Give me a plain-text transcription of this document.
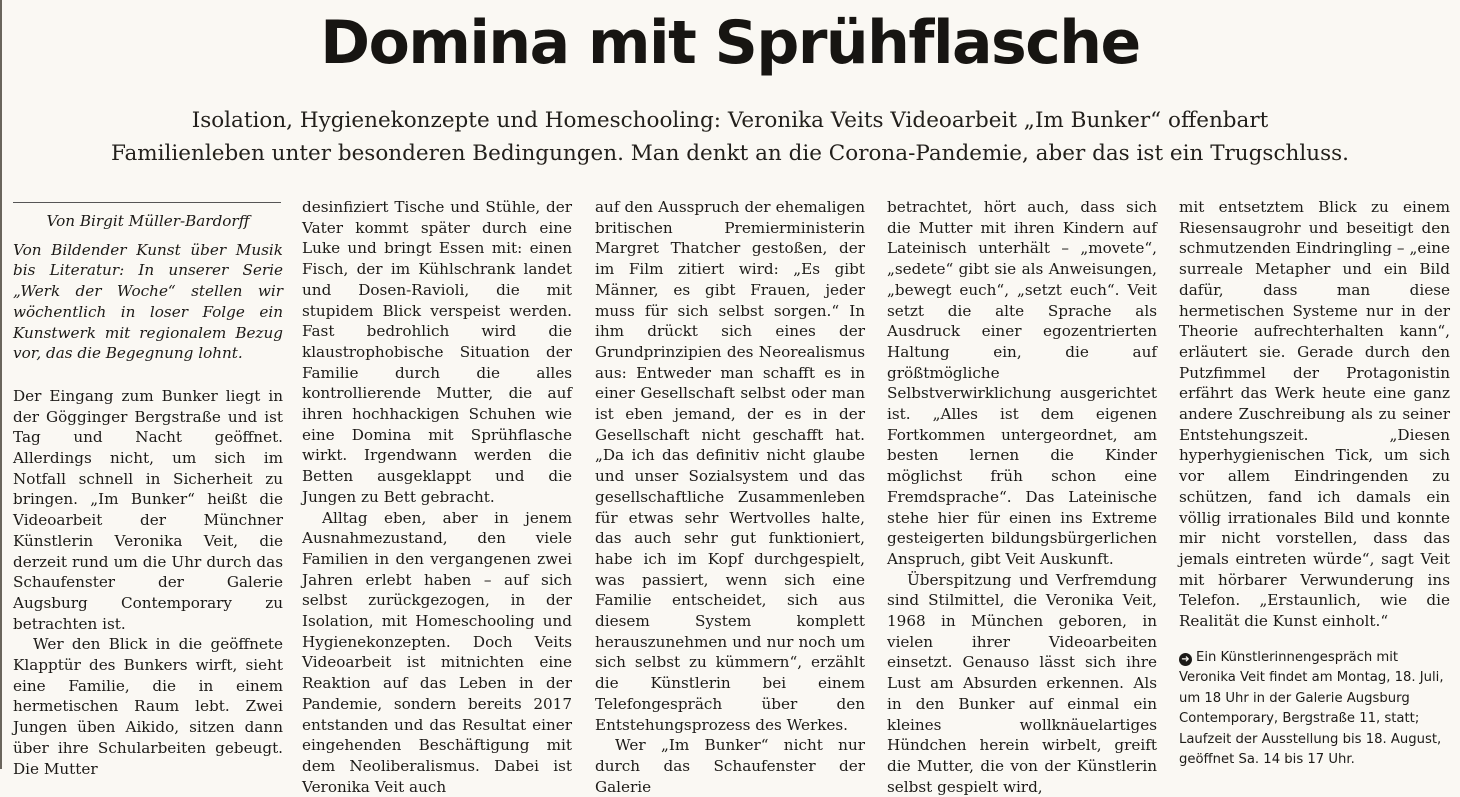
Domina mit Sprühflasche
Isolation, Hygienekonzepte und Homeschooling: Veronika Veits Videoarbeit „Im Bunker“ offenbart
Familienleben unter besonderen Bedingungen. Man denkt an die Corona-Pandemie, aber das ist ein Trugschluss.

Von Birgit Müller-Bardorff

Von Bildender Kunst über Musik bis Literatur: In unserer Serie „Werk der Woche“ stellen wir wöchentlich in loser Folge ein Kunstwerk mit regionalem Bezug vor, das die Begegnung lohnt.

Der Eingang zum Bunker liegt in der Gögginger Bergstraße und ist Tag und Nacht geöffnet. Allerdings nicht, um sich im Notfall schnell in Sicherheit zu bringen. „Im Bunker“ heißt die Videoarbeit der Münchner Künstlerin Veronika Veit, die derzeit rund um die Uhr durch das Schaufenster der Galerie Augsburg Contemporary zu betrachten ist.

Wer den Blick in die geöffnete Klapptür des Bunkers wirft, sieht eine Familie, die in einem hermetischen Raum lebt. Zwei Jungen üben Aikido, sitzen dann über ihre Schularbeiten gebeugt. Die Mutter

desinfiziert Tische und Stühle, der Vater kommt später durch eine Luke und bringt Essen mit: einen Fisch, der im Kühlschrank landet und Dosen-Ravioli, die mit stupidem Blick verspeist werden. Fast bedrohlich wird die klaustrophobische Situation der Familie durch die alles kontrollierende Mutter, die auf ihren hochhackigen Schuhen wie eine Domina mit Sprühflasche wirkt. Irgendwann werden die Betten ausgeklappt und die Jungen zu Bett gebracht.

Alltag eben, aber in jenem Ausnahmezustand, den viele Familien in den vergangenen zwei Jahren erlebt haben – auf sich selbst zurückgezogen, in der Isolation, mit Homeschooling und Hygienekonzepten. Doch Veits Videoarbeit ist mitnichten eine Reaktion auf das Leben in der Pandemie, sondern bereits 2017 entstanden und das Resultat einer eingehenden Beschäftigung mit dem Neoliberalismus. Dabei ist Veronika Veit auch

auf den Ausspruch der ehemaligen britischen Premierministerin Margret Thatcher gestoßen, der im Film zitiert wird: „Es gibt Männer, es gibt Frauen, jeder muss für sich selbst sorgen.“ In ihm drückt sich eines der Grundprinzipien des Neorealismus aus: Entweder man schafft es in einer Gesellschaft selbst oder man ist eben jemand, der es in der Gesellschaft nicht geschafft hat. „Da ich das definitiv nicht glaube und unser Sozialsystem und das gesellschaftliche Zusammenleben für etwas sehr Wertvolles halte, das auch sehr gut funktioniert, habe ich im Kopf durchgespielt, was passiert, wenn sich eine Familie entscheidet, sich aus diesem System komplett herauszunehmen und nur noch um sich selbst zu kümmern“, erzählt die Künstlerin bei einem Telefongespräch über den Entstehungsprozess des Werkes.

Wer „Im Bunker“ nicht nur durch das Schaufenster der Galerie

betrachtet, hört auch, dass sich die Mutter mit ihren Kindern auf Lateinisch unterhält – „movete“, „sedete“ gibt sie als Anweisungen, „bewegt euch“, „setzt euch“. Veit setzt die alte Sprache als Ausdruck einer egozentrierten Haltung ein, die auf größtmögliche Selbstverwirklichung ausgerichtet ist. „Alles ist dem eigenen Fortkommen untergeordnet, am besten lernen die Kinder möglichst früh schon eine Fremdsprache“. Das Lateinische stehe hier für einen ins Extreme gesteigerten bildungsbürgerlichen Anspruch, gibt Veit Auskunft.

Überspitzung und Verfremdung sind Stilmittel, die Veronika Veit, 1968 in München geboren, in vielen ihrer Videoarbeiten einsetzt. Genauso lässt sich ihre Lust am Absurden erkennen. Als in den Bunker auf einmal ein kleines wollknäuelartiges Hündchen herein wirbelt, greift die Mutter, die von der Künstlerin selbst gespielt wird,

mit entsetztem Blick zu einem Riesensaugrohr und beseitigt den schmutzenden Eindringling – „eine surreale Metapher und ein Bild dafür, dass man diese hermetischen Systeme nur in der Theorie aufrechterhalten kann“, erläutert sie. Gerade durch den Putzfimmel der Protagonistin erfährt das Werk heute eine ganz andere Zuschreibung als zu seiner Entstehungszeit. „Diesen hyperhygienischen Tick, um sich vor allem Eindringenden zu schützen, fand ich damals ein völlig irrationales Bild und konnte mir nicht vorstellen, dass das jemals eintreten würde“, sagt Veit mit hörbarer Verwunderung ins Telefon. „Erstaunlich, wie die Realität die Kunst einholt.“

➜ Ein Künstlerinnengespräch mit Veronika Veit findet am Montag, 18. Juli, um 18 Uhr in der Galerie Augsburg Contemporary, Bergstraße 11, statt; Laufzeit der Ausstellung bis 18. August, geöffnet Sa. 14 bis 17 Uhr.
